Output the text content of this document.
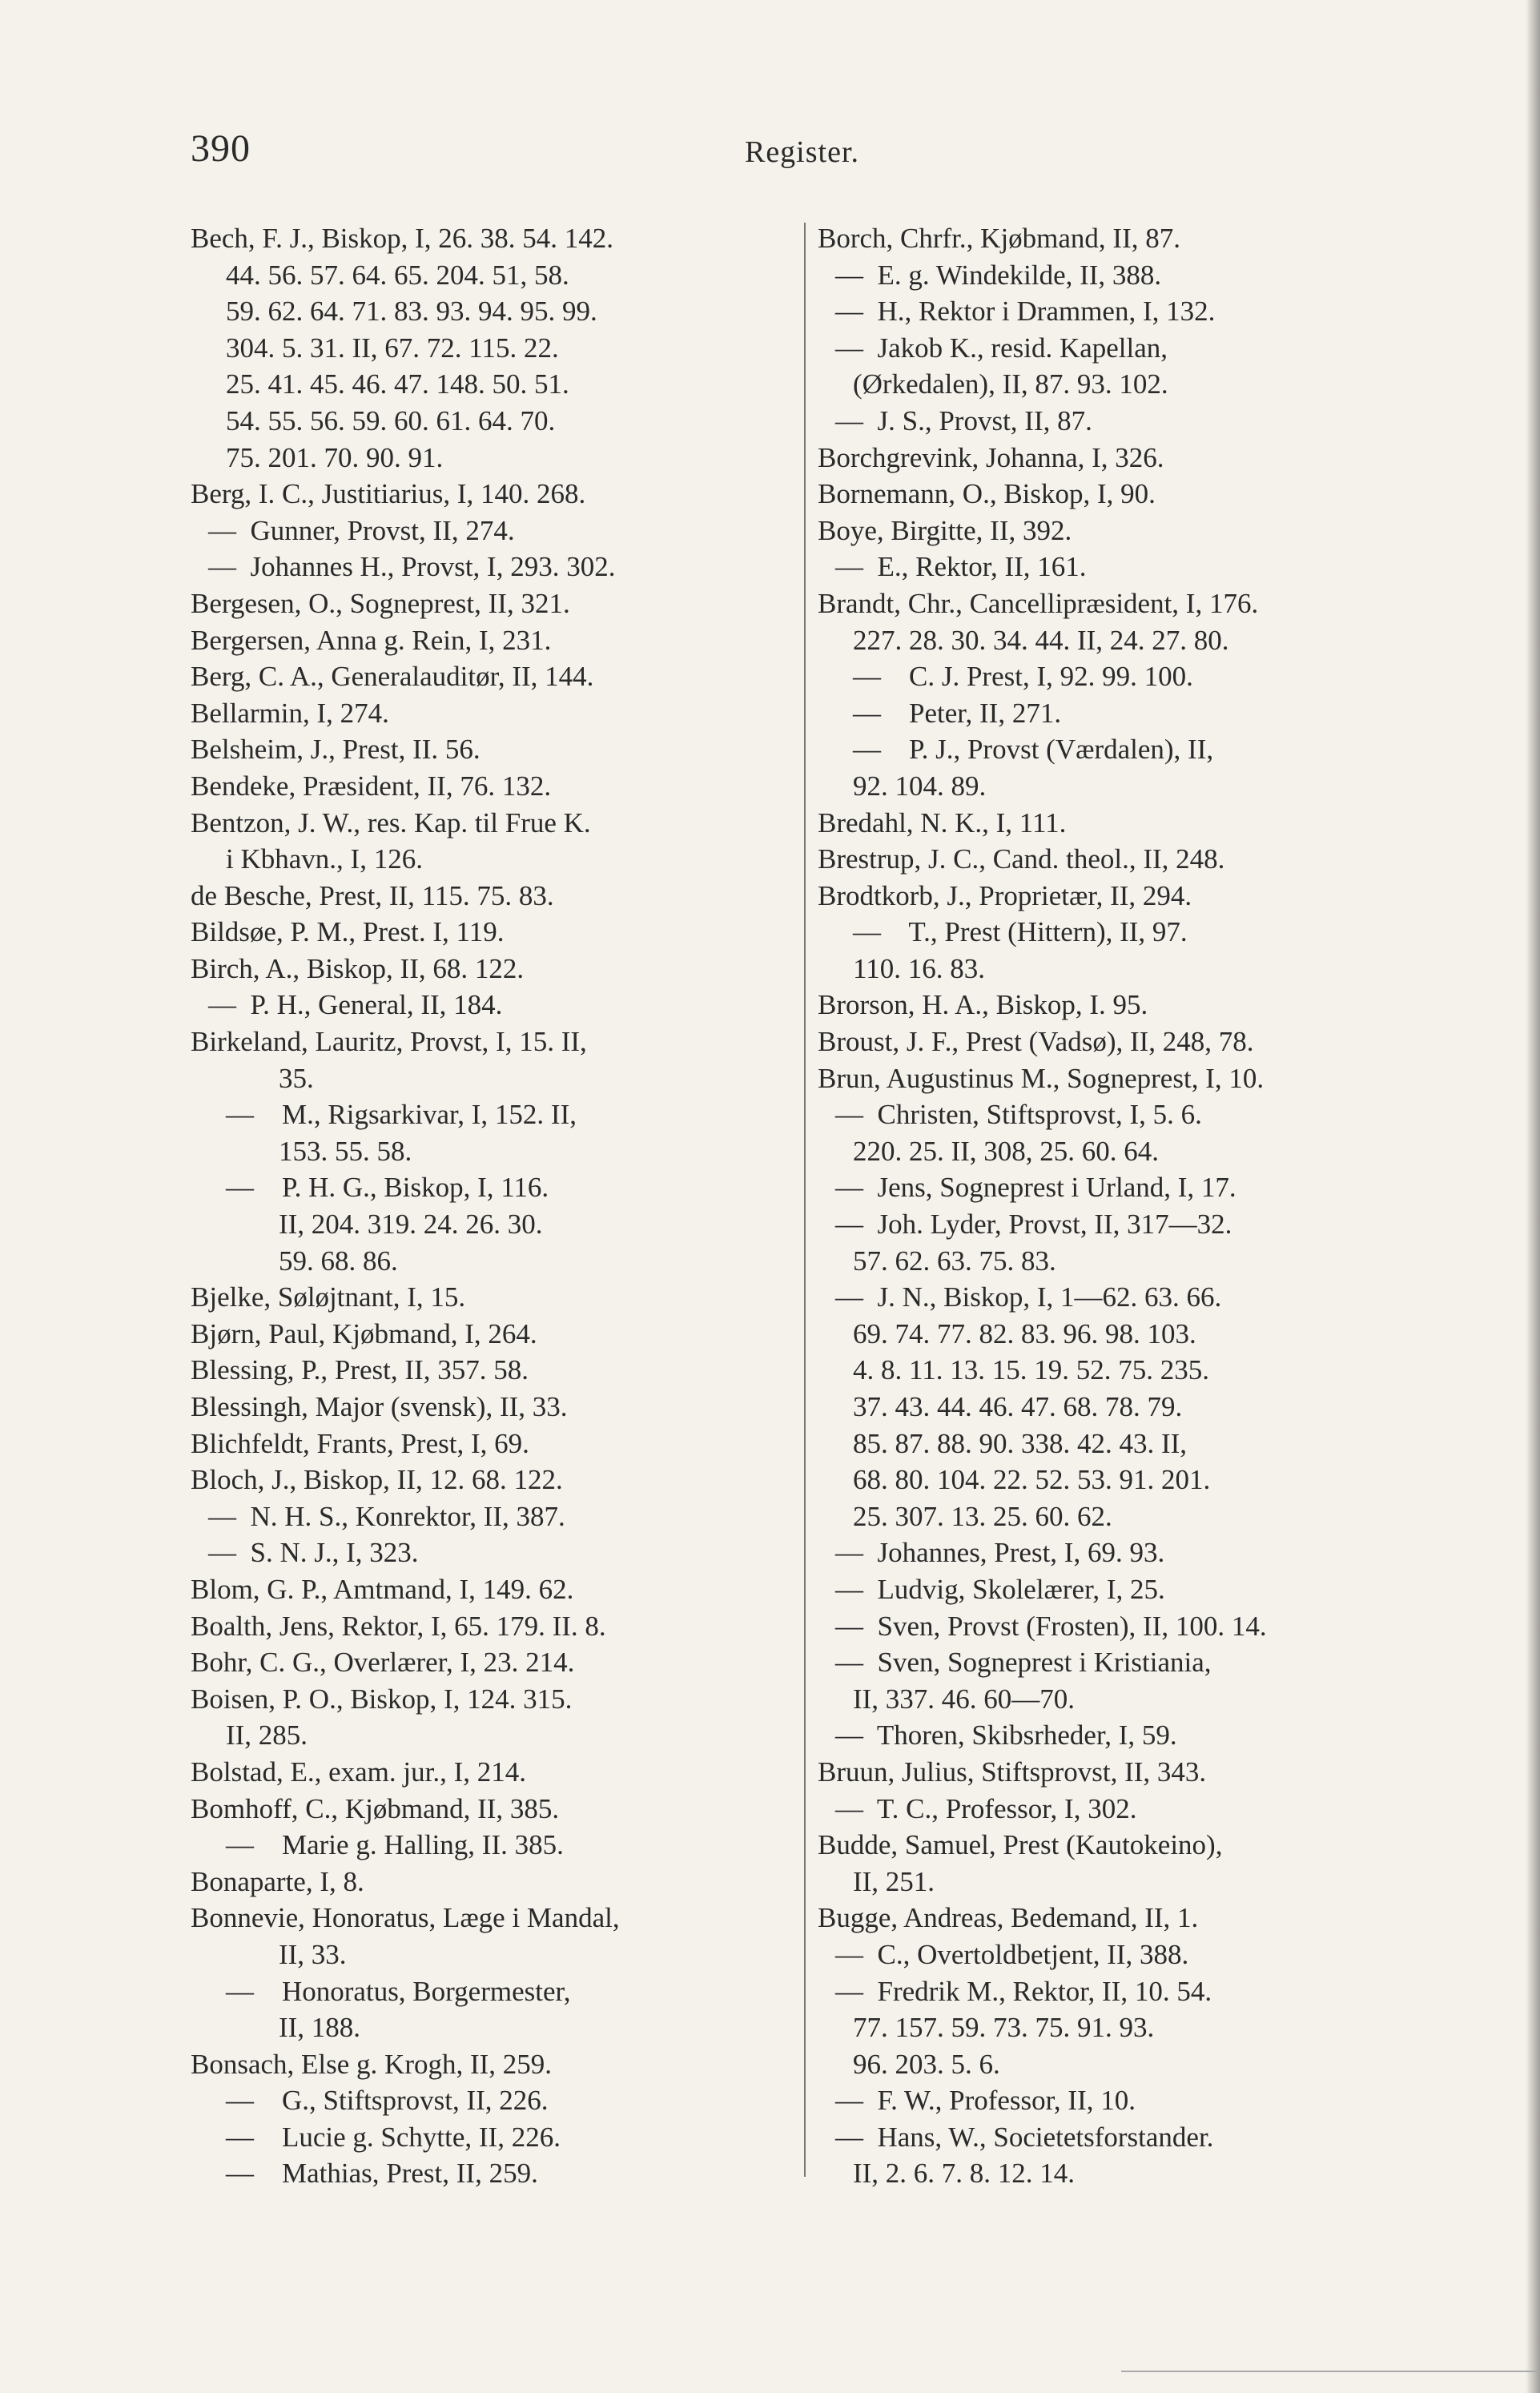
390	Register.
Bech, F. J., Biskop, I, 26. 38. 54. 142.
44. 56. 57. 64. 65. 204. 51, 58.
59. 62. 64. 71. 83. 93. 94. 95. 99.
304. 5. 31. II, 67. 72. 115. 22.
25. 41. 45. 46. 47. 148. 50. 51.
54. 55. 56. 59. 60. 61. 64. 70.
75. 201. 70. 90. 91.
Berg, I. C., Justitiarius, I, 140. 268.
—  Gunner, Provst, II, 274.
—  Johannes H., Provst, I, 293. 302.
Bergesen, O., Sogneprest, II, 321.
Bergersen, Anna g. Rein, I, 231.
Berg, C. A., Generalauditør, II, 144.
Bellarmin, I, 274.
Belsheim, J., Prest, II. 56.
Bendeke, Præsident, II, 76. 132.
Bentzon, J. W., res. Kap. til Frue K.
i Kbhavn., I, 126.
de Besche, Prest, II, 115. 75. 83.
Bildsøe, P. M., Prest. I, 119.
Birch, A., Biskop, II, 68. 122.
—  P. H., General, II, 184.
Birkeland, Lauritz, Provst, I, 15. II,
35.
—    M., Rigsarkivar, I, 152. II,
153. 55. 58.
—    P. H. G., Biskop, I, 116.
II, 204. 319. 24. 26. 30.
59. 68. 86.
Bjelke, Søløjtnant, I, 15.
Bjørn, Paul, Kjøbmand, I, 264.
Blessing, P., Prest, II, 357. 58.
Blessingh, Major (svensk), II, 33.
Blichfeldt, Frants, Prest, I, 69.
Bloch, J., Biskop, II, 12. 68. 122.
—  N. H. S., Konrektor, II, 387.
—  S. N. J., I, 323.
Blom, G. P., Amtmand, I, 149. 62.
Boalth, Jens, Rektor, I, 65. 179. II. 8.
Bohr, C. G., Overlærer, I, 23. 214.
Boisen, P. O., Biskop, I, 124. 315.
II, 285.
Bolstad, E., exam. jur., I, 214.
Bomhoff, C., Kjøbmand, II, 385.
—    Marie g. Halling, II. 385.
Bonaparte, I, 8.
Bonnevie, Honoratus, Læge i Mandal,
II, 33.
—    Honoratus, Borgermester,
II, 188.
Bonsach, Else g. Krogh, II, 259.
—    G., Stiftsprovst, II, 226.
—    Lucie g. Schytte, II, 226.
—    Mathias, Prest, II, 259.
Borch, Chrfr., Kjøbmand, II, 87.
—  E. g. Windekilde, II, 388.
—  H., Rektor i Drammen, I, 132.
—  Jakob K., resid. Kapellan,
(Ørkedalen), II, 87. 93. 102.
—  J. S., Provst, II, 87.
Borchgrevink, Johanna, I, 326.
Bornemann, O., Biskop, I, 90.
Boye, Birgitte, II, 392.
—  E., Rektor, II, 161.
Brandt, Chr., Cancellipræsident, I, 176.
227. 28. 30. 34. 44. II, 24. 27. 80.
—    C. J. Prest, I, 92. 99. 100.
—    Peter, II, 271.
—    P. J., Provst (Værdalen), II,
92. 104. 89.
Bredahl, N. K., I, 111.
Brestrup, J. C., Cand. theol., II, 248.
Brodtkorb, J., Proprietær, II, 294.
—    T., Prest (Hittern), II, 97.
110. 16. 83.
Brorson, H. A., Biskop, I. 95.
Broust, J. F., Prest (Vadsø), II, 248, 78.
Brun, Augustinus M., Sogneprest, I, 10.
—  Christen, Stiftsprovst, I, 5. 6.
220. 25. II, 308, 25. 60. 64.
—  Jens, Sogneprest i Urland, I, 17.
—  Joh. Lyder, Provst, II, 317—32.
57. 62. 63. 75. 83.
—  J. N., Biskop, I, 1—62. 63. 66.
69. 74. 77. 82. 83. 96. 98. 103.
4. 8. 11. 13. 15. 19. 52. 75. 235.
37. 43. 44. 46. 47. 68. 78. 79.
85. 87. 88. 90. 338. 42. 43. II,
68. 80. 104. 22. 52. 53. 91. 201.
25. 307. 13. 25. 60. 62.
—  Johannes, Prest, I, 69. 93.
—  Ludvig, Skolelærer, I, 25.
—  Sven, Provst (Frosten), II, 100. 14.
—  Sven, Sogneprest i Kristiania,
II, 337. 46. 60—70.
—  Thoren, Skibsrheder, I, 59.
Bruun, Julius, Stiftsprovst, II, 343.
—  T. C., Professor, I, 302.
Budde, Samuel, Prest (Kautokeino),
II, 251.
Bugge, Andreas, Bedemand, II, 1.
—  C., Overtoldbetjent, II, 388.
—  Fredrik M., Rektor, II, 10. 54.
77. 157. 59. 73. 75. 91. 93.
96. 203. 5. 6.
—  F. W., Professor, II, 10.
—  Hans, W., Societetsforstander.
II, 2. 6. 7. 8. 12. 14.
